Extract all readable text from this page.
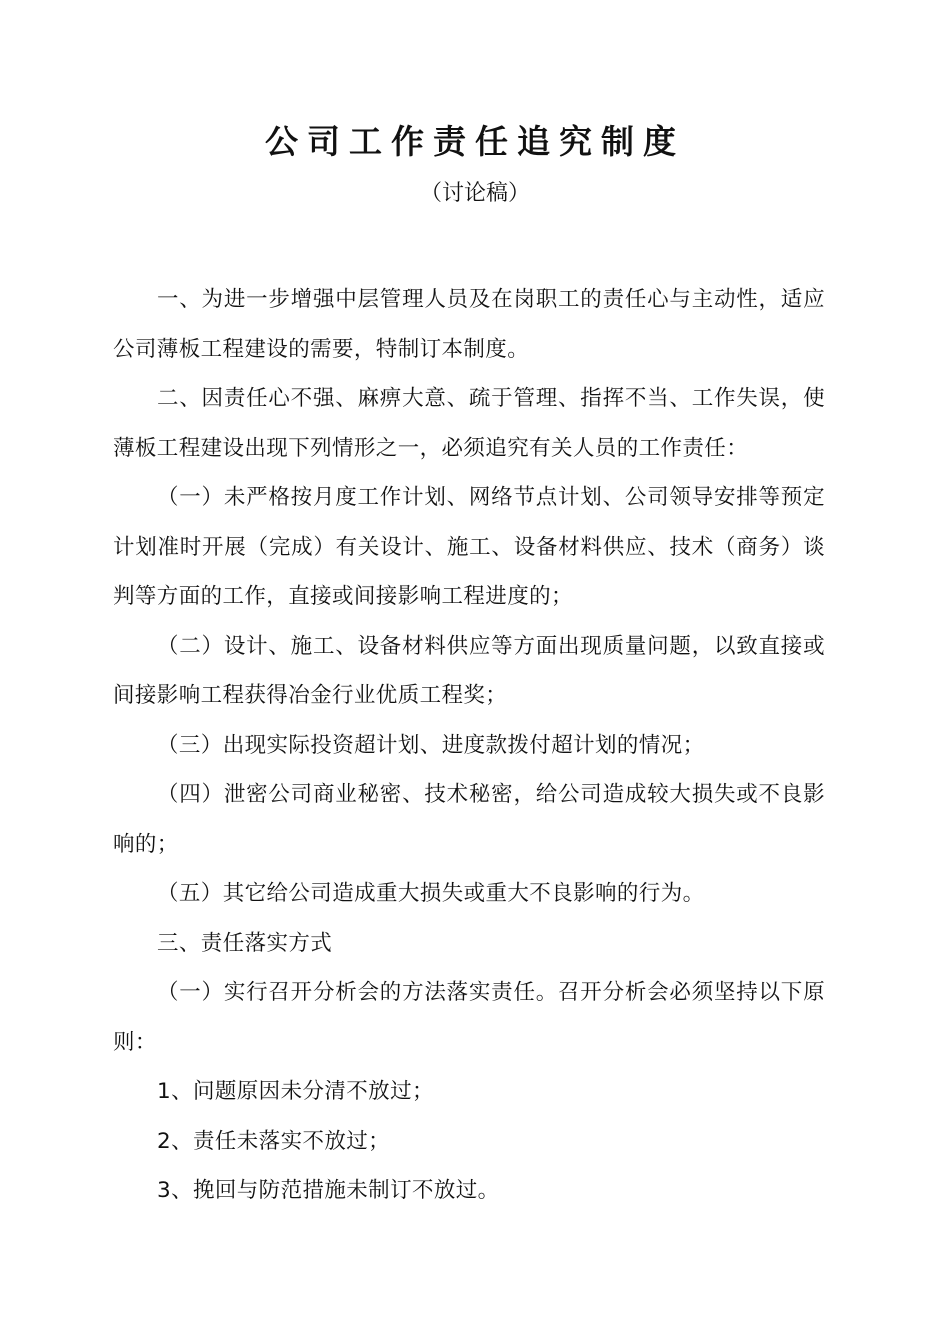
公司工作责任追究制度
（讨论稿）

一、为进一步增强中层管理人员及在岗职工的责任心与主动性，适应公司薄板工程建设的需要，特制订本制度。

二、因责任心不强、麻痹大意、疏于管理、指挥不当、工作失误，使薄板工程建设出现下列情形之一，必须追究有关人员的工作责任：

（一）未严格按月度工作计划、网络节点计划、公司领导安排等预定计划准时开展（完成）有关设计、施工、设备材料供应、技术（商务）谈判等方面的工作，直接或间接影响工程进度的；

（二）设计、施工、设备材料供应等方面出现质量问题，以致直接或间接影响工程获得冶金行业优质工程奖；

（三）出现实际投资超计划、进度款拨付超计划的情况；

（四）泄密公司商业秘密、技术秘密，给公司造成较大损失或不良影响的；

（五）其它给公司造成重大损失或重大不良影响的行为。

三、责任落实方式

（一）实行召开分析会的方法落实责任。召开分析会必须坚持以下原则：

1、问题原因未分清不放过；

2、责任未落实不放过；

3、挽回与防范措施未制订不放过。
